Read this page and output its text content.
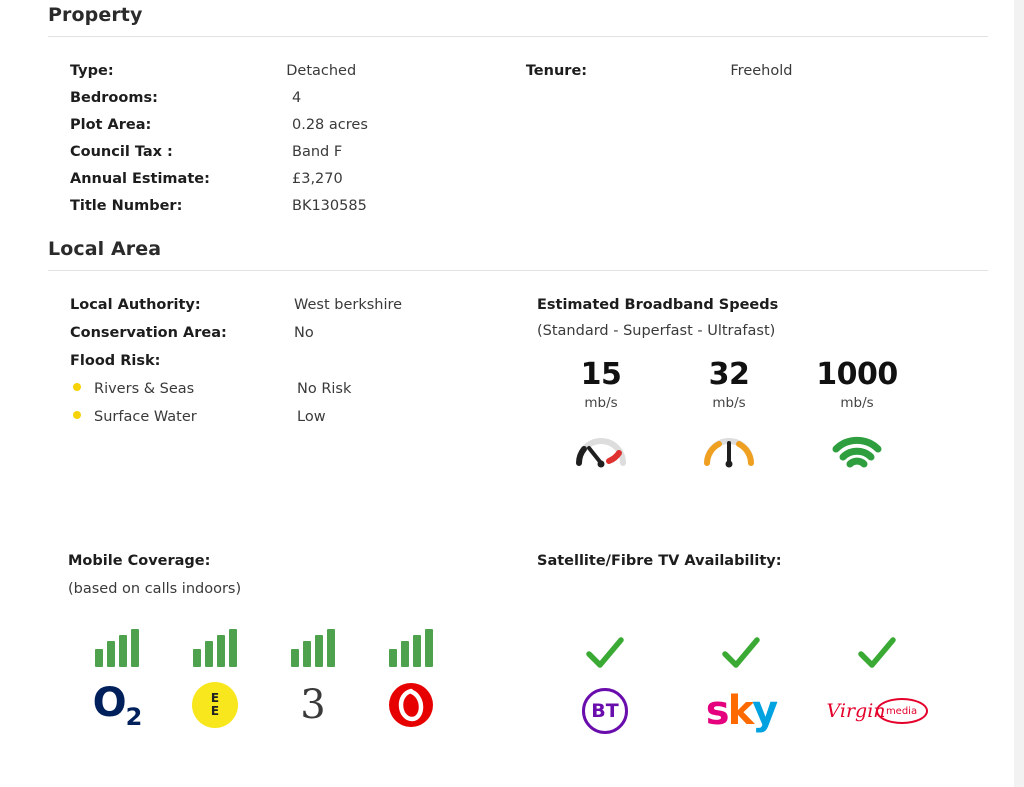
Property
Type:	Detached	Tenure:	Freehold
Bedrooms:	4
Plot Area:	0.28 acres
Council Tax :	Band F
Annual Estimate:	£3,270
Title Number:	BK130585
Local Area
Local Authority:	West berkshire
Conservation Area:	No
Flood Risk:
Rivers & Seas	No Risk
Surface Water	Low
Estimated Broadband Speeds
(Standard - Superfast - Ultrafast)
15
mb/s
32
mb/s
1000
mb/s
Mobile Coverage:
(based on calls indoors)
$O_2$
E
E 3
Satellite/Fibre TV Availability:
BT sky	Virgin media
